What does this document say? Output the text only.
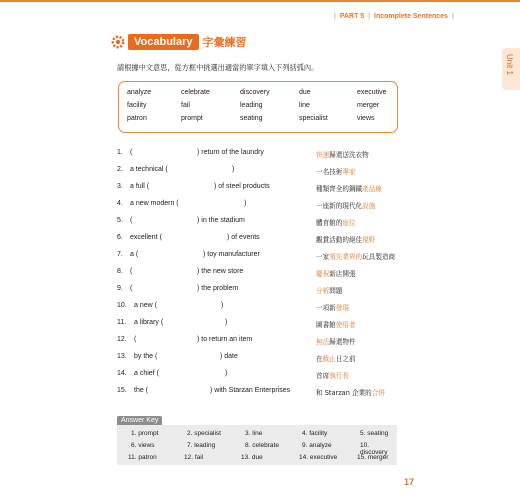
| PART 5 | Incomplete Sentences |
Unit 1
Vocabulary 字彙練習
請根據中文意思，從方框中挑選出適當的單字填入下列括弧內。
analyze	celebrate	discovery	due	executive
facility	fail	leading	line	merger
patron	prompt	seating	specialist	views
1. (	) return of the laundry	快速歸還送洗衣物
2. a technical (	)	一名技術專家
3. a full (	) of steel products	種類齊全的鋼鐵產品線
4. a new modern (	)	一座新的現代化設施
5. (	) in the stadium	體育館的座位
6. excellent (	) of events	觀賞活動的絕佳視野
7. a (	) toy manufacturer	一家領先業界的玩具製造商
8. (	) the new store	慶祝新店開張
9. (	) the problem	分析問題
10. a new (	)	一項新發現
11. a library (	)	圖書館使用者
12. (	) to return an item	無法歸還物件
13. by the (	) date	在截止日之前
14. a chief (	)	首席執行長
15. the (	) with Starzan Enterprises	和 Starzan 企業的合併
Answer Key
1. prompt	2. specialist	3. line	4. facility	5. seating
6. views	7. leading	8. celebrate	9. analyze	10. discovery
11. patron	12. fail	13. due	14. executive	15. merger
17
